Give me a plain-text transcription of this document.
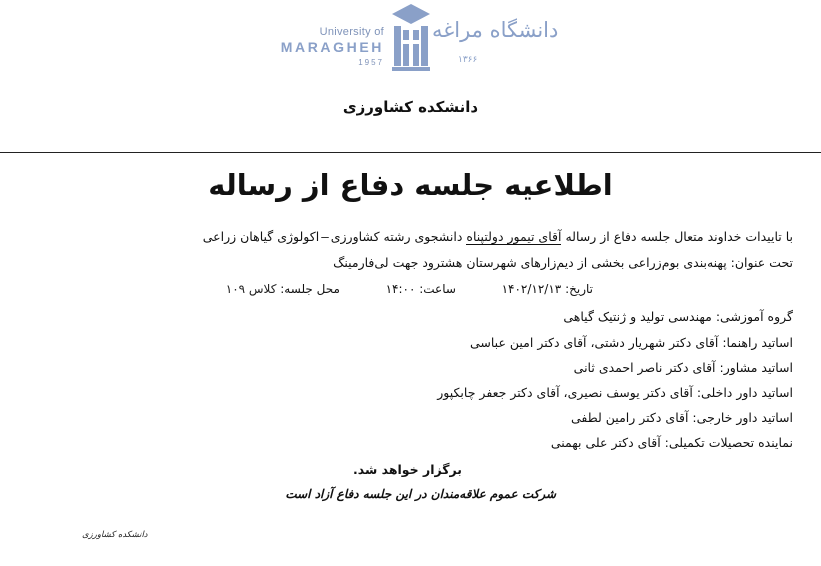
University of
MARAGHEH
1957
دانشگاه مراغه
۱۳۶۶
دانشکده کشاورزی
اطلاعیه جلسه دفاع از رساله
با تاییدات خداوند متعال جلسه دفاع از رساله آقای تیمور دولتپناه دانشجوی رشته کشاورزی–اکولوژی گیاهان زراعی
تحت عنوان: پهنه‌بندی بوم‌زراعی بخشی از دیم‌زارهای شهرستان هشترود جهت لی‌فارمینگ
تاریخ: ۱۴۰۲/۱۲/۱۳  ساعت: ۱۴:۰۰  محل جلسه: کلاس ۱۰۹
گروه آموزشی: مهندسی تولید و ژنتیک گیاهی
اساتید راهنما: آقای دکتر شهریار دشتی، آقای دکتر امین عباسی
اساتید مشاور: آقای دکتر ناصر احمدی ثانی
اساتید داور داخلی: آقای دکتر یوسف نصیری، آقای دکتر جعفر چابکپور
اساتید داور خارجی: آقای دکتر رامین لطفی
نماینده تحصیلات تکمیلی: آقای دکتر علی بهمنی
برگزار خواهد شد.
شرکت عموم علاقه‌مندان در این جلسه دفاع آزاد است
دانشکده کشاورزی
